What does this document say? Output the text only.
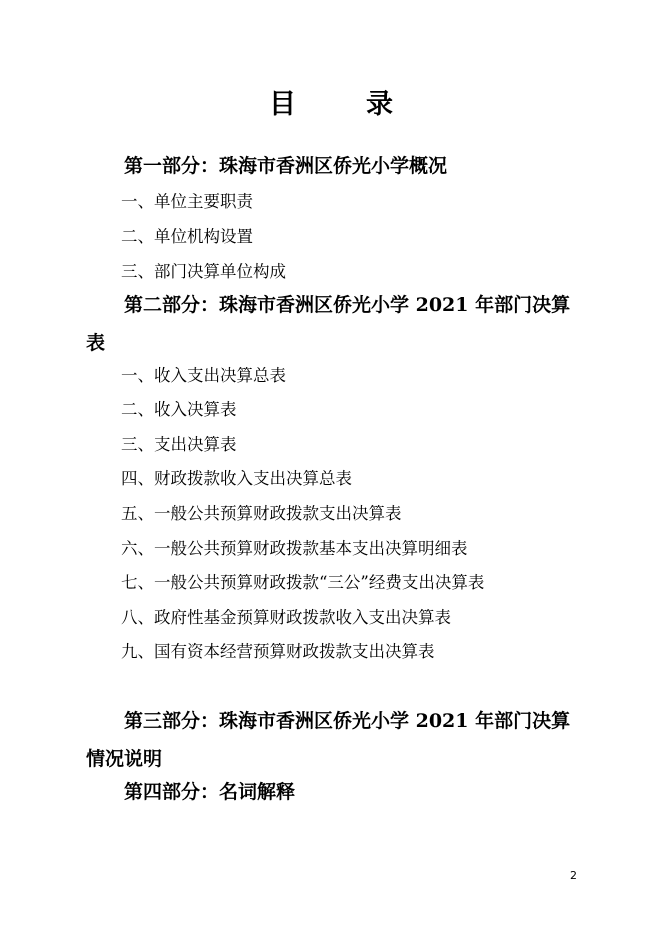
目	录
第一部分：珠海市香洲区侨光小学概况
一、单位主要职责
二、单位机构设置
三、部门决算单位构成
第二部分：珠海市香洲区侨光小学 2021 年部门决算表
一、收入支出决算总表
二、收入决算表
三、支出决算表
四、财政拨款收入支出决算总表
五、一般公共预算财政拨款支出决算表
六、一般公共预算财政拨款基本支出决算明细表
七、一般公共预算财政拨款“三公”经费支出决算表
八、政府性基金预算财政拨款收入支出决算表
九、国有资本经营预算财政拨款支出决算表
第三部分：珠海市香洲区侨光小学 2021 年部门决算情况说明
第四部分：名词解释
2
